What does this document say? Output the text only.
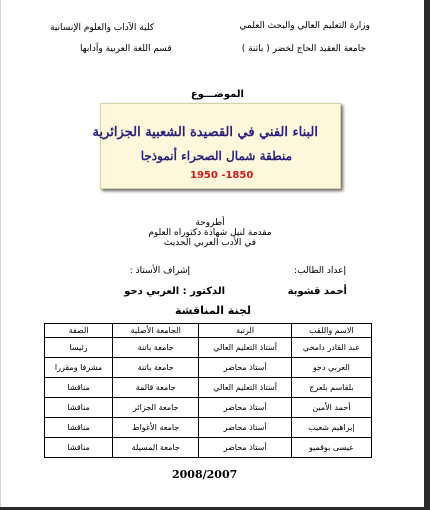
وزارة التعليم العالي والبحث العلمي
جامعة العقيد الحاج لخضر ( باتنة )
كلية الآداب والعلوم الإنسانية
قسم اللغة العربية وآدابها
الموضـــوع
البناء الفني في القصيدة الشعبية الجزائرية
منطقة شمال الصحراء أنموذجا
1950 -1850
أطروحة
مقدمة لنيل شهادة دكتوراه العلوم
في الأدب العربي الحديث
إعداد الطالب:
إشراف الأستاذ :
أحمد قشوبة
الدكتور : العربي دحو
لجنة المناقشة
الاسم واللقب	الرتبة	الجامعة الأصلية	الصفة
عبد القادر دامخي	أستاذ التعليم العالي	جامعة باتنة	رئيسا
العربي دحو	أستاذ محاضر	جامعة باتنة	مشرفا ومقررا
بلقاسم بلعرج	أستاذ التعليم العالي	جامعة قالمة	مناقشا
أحمد الأمين	أستاذ محاضر	جامعة الجزائر	مناقشا
إبراهيم شعيب	أستاذ محاضر	جامعة الأغواط	مناقشا
عيسى بوقميو	أستاذ محاضر	جامعة المسيلة	مناقشا
2008/2007
